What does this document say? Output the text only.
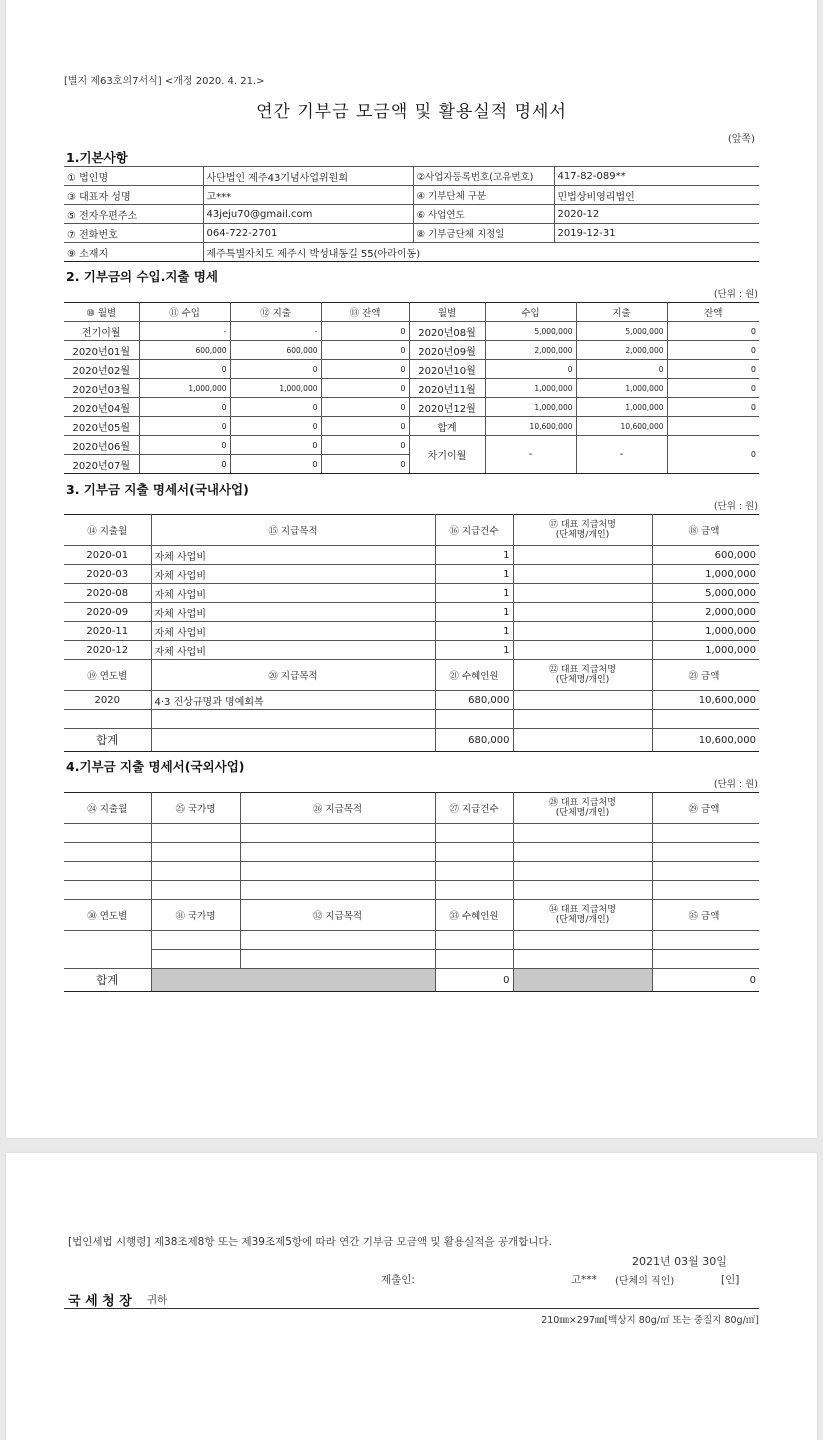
[별지 제63호의7서식] <개정 2020. 4. 21.>
연간 기부금 모금액 및 활용실적 명세서
(앞쪽)
1.기본사항
① 법인명	사단법인 제주43기념사업위원회	②사업자등록번호(고유번호)	417-82-089**
③ 대표자 성명	고***	④ 기부단체 구분	민법상비영리법인
⑤ 전자우편주소	43jeju70@gmail.com	⑥ 사업연도	2020-12
⑦ 전화번호	064-722-2701	⑧ 기부금단체 지정일	2019-12-31
⑨ 소재지	제주특별자치도 제주시 박성내동길 55(아라이동)		
2. 기부금의 수입.지출 명세
(단위 : 원)
⑩ 월별	⑪ 수입	⑫ 지출	⑬ 잔액	월별	수입	지출	잔액
전기이월	-	-	0	2020년08월	5,000,000	5,000,000	0
2020년01월	600,000	600,000	0	2020년09월	2,000,000	2,000,000	0
2020년02월	0	0	0	2020년10월	0	0	0
2020년03월	1,000,000	1,000,000	0	2020년11월	1,000,000	1,000,000	0
2020년04월	0	0	0	2020년12월	1,000,000	1,000,000	0
2020년05월	0	0	0	합계	10,600,000	10,600,000	
2020년06월	0	0	0	차기이월	-	-	0
2020년07월	0	0	0				
3. 기부금 지출 명세서(국내사업)
(단위 : 원)
⑭ 지출월	⑮ 지급목적	⑯ 지급건수	⑰ 대표 지급처명
(단체명/개인)	⑱ 금액
2020-01	자체 사업비	1		600,000
2020-03	자체 사업비	1		1,000,000
2020-08	자체 사업비	1		5,000,000
2020-09	자체 사업비	1		2,000,000
2020-11	자체 사업비	1		1,000,000
2020-12	자체 사업비	1		1,000,000
⑲ 연도별	⑳ 지급목적	㉑ 수혜인원	㉒ 대표 지급처명
(단체명/개인)	㉓ 금액
2020	4·3 진상규명과 명예회복	680,000		10,600,000

합계		680,000		10,600,000
4.기부금 지출 명세서(국외사업)
(단위 : 원)
㉔ 지출월	㉕ 국가명	㉖ 지급목적	㉗ 지급건수	㉘ 대표 지급처명
(단체명/개인)	㉙ 금액

㉚ 연도별	㉛ 국가명	㉜ 지급목적	㉝ 수혜인원	㉞ 대표 지급처명
(단체명/개인)	㉟ 금액

합계			0		0
[법인세법 시행령] 제38조제8항 또는 제39조제5항에 따라 연간 기부금 모금액 및 활용실적을 공개합니다.
2021년 03월 30일
제출인:	고*** (단체의 직인)	[인]
국 세 청 장 귀하
210㎜×297㎜[백상지 80g/㎡ 또는 중질지 80g/㎡]
